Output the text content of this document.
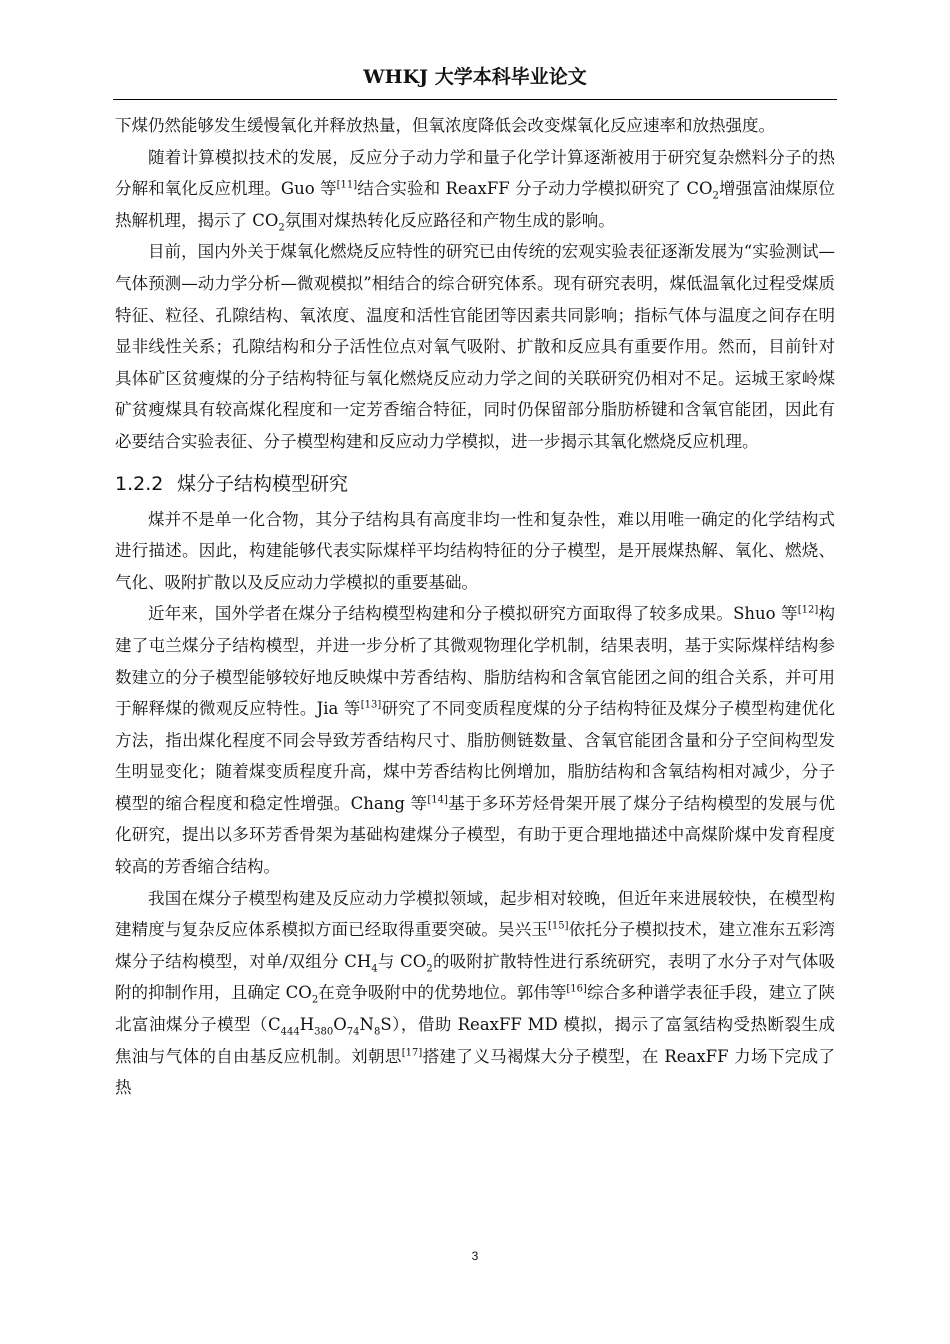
WHKJ 大学本科毕业论文

下煤仍然能够发生缓慢氧化并释放热量，但氧浓度降低会改变煤氧化反应速率和放热强度。

随着计算模拟技术的发展，反应分子动力学和量子化学计算逐渐被用于研究复杂燃料分子的热分解和氧化反应机理。Guo 等[11]结合实验和 ReaxFF 分子动力学模拟研究了 $CO_2$增强富油煤原位热解机理，揭示了 $CO_2$氛围对煤热转化反应路径和产物生成的影响。

目前，国内外关于煤氧化燃烧反应特性的研究已由传统的宏观实验表征逐渐发展为“实验测试—气体预测—动力学分析—微观模拟”相结合的综合研究体系。现有研究表明，煤低温氧化过程受煤质特征、粒径、孔隙结构、氧浓度、温度和活性官能团等因素共同影响；指标气体与温度之间存在明显非线性关系；孔隙结构和分子活性位点对氧气吸附、扩散和反应具有重要作用。然而，目前针对具体矿区贫瘦煤的分子结构特征与氧化燃烧反应动力学之间的关联研究仍相对不足。运城王家岭煤矿贫瘦煤具有较高煤化程度和一定芳香缩合特征，同时仍保留部分脂肪桥键和含氧官能团，因此有必要结合实验表征、分子模型构建和反应动力学模拟，进一步揭示其氧化燃烧反应机理。

1.2.2 煤分子结构模型研究

煤并不是单一化合物，其分子结构具有高度非均一性和复杂性，难以用唯一确定的化学结构式进行描述。因此，构建能够代表实际煤样平均结构特征的分子模型，是开展煤热解、氧化、燃烧、气化、吸附扩散以及反应动力学模拟的重要基础。

近年来，国外学者在煤分子结构模型构建和分子模拟研究方面取得了较多成果。Shuo 等[12]构建了屯兰煤分子结构模型，并进一步分析了其微观物理化学机制，结果表明，基于实际煤样结构参数建立的分子模型能够较好地反映煤中芳香结构、脂肪结构和含氧官能团之间的组合关系，并可用于解释煤的微观反应特性。Jia 等[13]研究了不同变质程度煤的分子结构特征及煤分子模型构建优化方法，指出煤化程度不同会导致芳香结构尺寸、脂肪侧链数量、含氧官能团含量和分子空间构型发生明显变化；随着煤变质程度升高，煤中芳香结构比例增加，脂肪结构和含氧结构相对减少，分子模型的缩合程度和稳定性增强。Chang 等[14]基于多环芳烃骨架开展了煤分子结构模型的发展与优化研究，提出以多环芳香骨架为基础构建煤分子模型，有助于更合理地描述中高煤阶煤中发育程度较高的芳香缩合结构。

我国在煤分子模型构建及反应动力学模拟领域，起步相对较晚，但近年来进展较快，在模型构建精度与复杂反应体系模拟方面已经取得重要突破。吴兴玉[15]依托分子模拟技术，建立准东五彩湾煤分子结构模型，对单/双组分 $CH_4$与 $CO_2$的吸附扩散特性进行系统研究，表明了水分子对气体吸附的抑制作用，且确定 $CO_2$在竞争吸附中的优势地位。郭伟等[16]综合多种谱学表征手段，建立了陕北富油煤分子模型$(C_{444}H_{380}O_{74}N_8S)$，借助 ReaxFF MD 模拟，揭示了富氢结构受热断裂生成焦油与气体的自由基反应机制。刘朝思[17]搭建了义马褐煤大分子模型，在 ReaxFF 力场下完成了热

3
